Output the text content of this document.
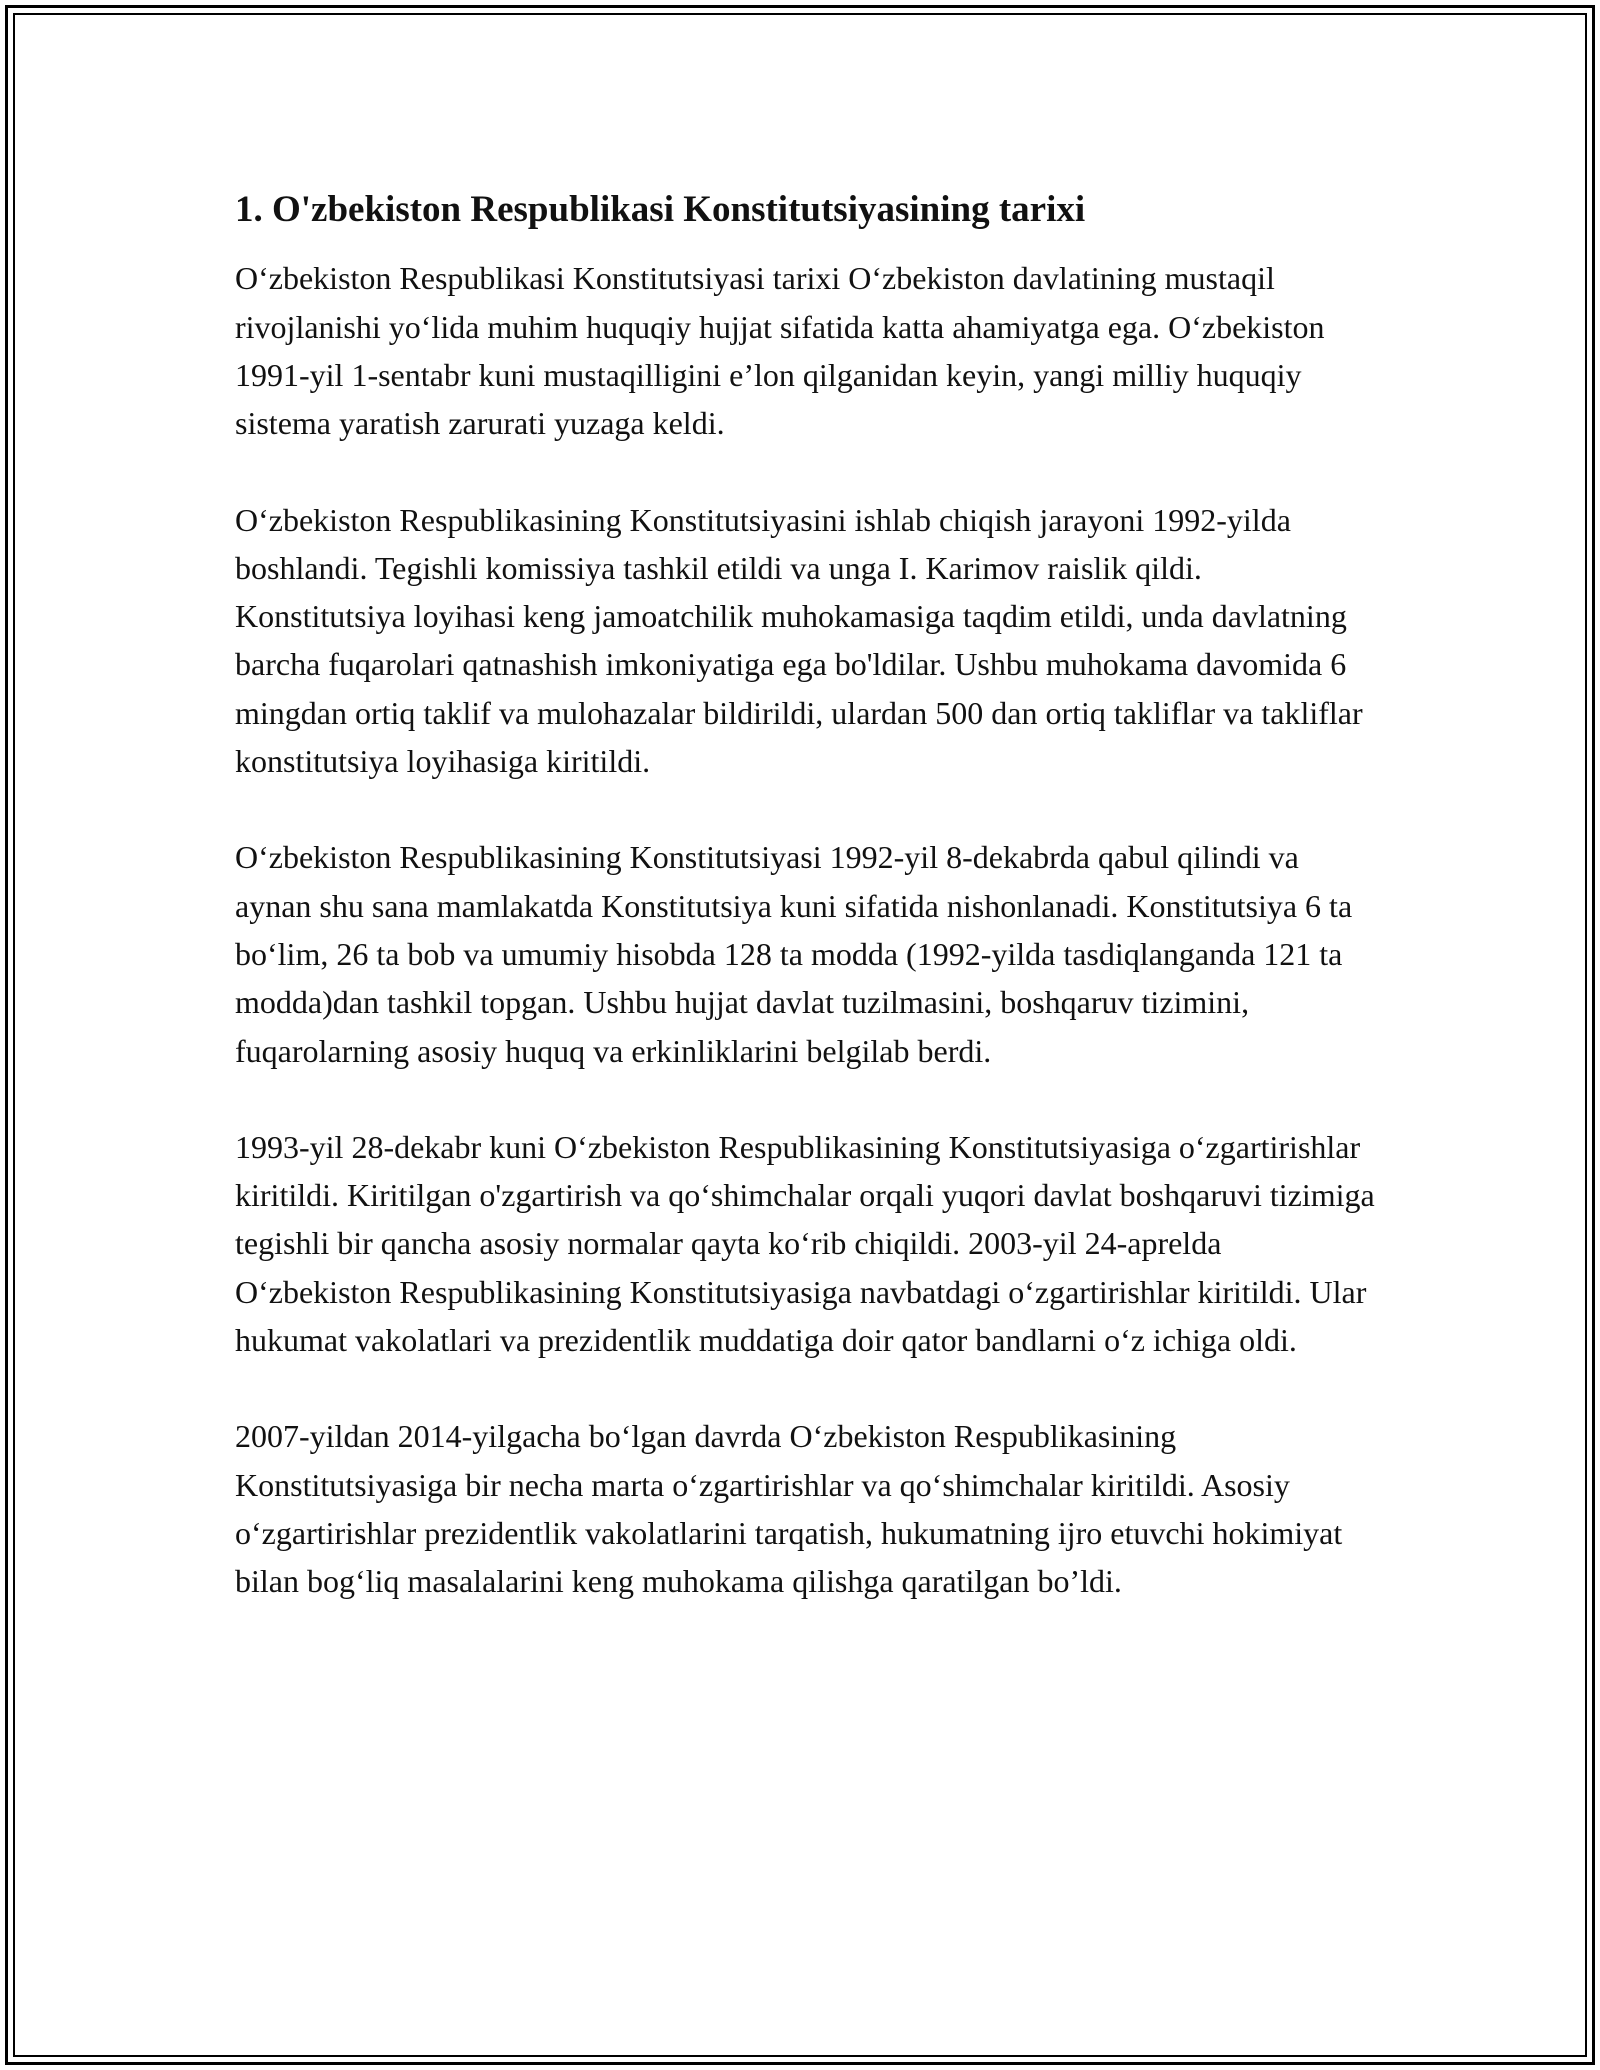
1. O'zbekiston Respublikasi Konstitutsiyasining tarixi

O‘zbekiston Respublikasi Konstitutsiyasi tarixi O‘zbekiston davlatining mustaqil rivojlanishi yo‘lida muhim huquqiy hujjat sifatida katta ahamiyatga ega. O‘zbekiston 1991-yil 1-sentabr kuni mustaqilligini e’lon qilganidan keyin, yangi milliy huquqiy sistema yaratish zarurati yuzaga keldi.

O‘zbekiston Respublikasining Konstitutsiyasini ishlab chiqish jarayoni 1992-yilda boshlandi. Tegishli komissiya tashkil etildi va unga I. Karimov raislik qildi. Konstitutsiya loyihasi keng jamoatchilik muhokamasiga taqdim etildi, unda davlatning barcha fuqarolari qatnashish imkoniyatiga ega bo'ldilar. Ushbu muhokama davomida 6 mingdan ortiq taklif va mulohazalar bildirildi, ulardan 500 dan ortiq takliflar va takliflar konstitutsiya loyihasiga kiritildi.

O‘zbekiston Respublikasining Konstitutsiyasi 1992-yil 8-dekabrda qabul qilindi va aynan shu sana mamlakatda Konstitutsiya kuni sifatida nishonlanadi. Konstitutsiya 6 ta bo‘lim, 26 ta bob va umumiy hisobda 128 ta modda (1992-yilda tasdiqlanganda 121 ta modda)dan tashkil topgan. Ushbu hujjat davlat tuzilmasini, boshqaruv tizimini, fuqarolarning asosiy huquq va erkinliklarini belgilab berdi.

1993-yil 28-dekabr kuni O‘zbekiston Respublikasining Konstitutsiyasiga o‘zgartirishlar kiritildi. Kiritilgan o'zgartirish va qo‘shimchalar orqali yuqori davlat boshqaruvi tizimiga tegishli bir qancha asosiy normalar qayta ko‘rib chiqildi. 2003-yil 24-aprelda O‘zbekiston Respublikasining Konstitutsiyasiga navbatdagi o‘zgartirishlar kiritildi. Ular hukumat vakolatlari va prezidentlik muddatiga doir qator bandlarni o‘z ichiga oldi.

2007-yildan 2014-yilgacha bo‘lgan davrda O‘zbekiston Respublikasining Konstitutsiyasiga bir necha marta o‘zgartirishlar va qo‘shimchalar kiritildi. Asosiy o‘zgartirishlar prezidentlik vakolatlarini tarqatish, hukumatning ijro etuvchi hokimiyat bilan bog‘liq masalalarini keng muhokama qilishga qaratilgan bo’ldi.
